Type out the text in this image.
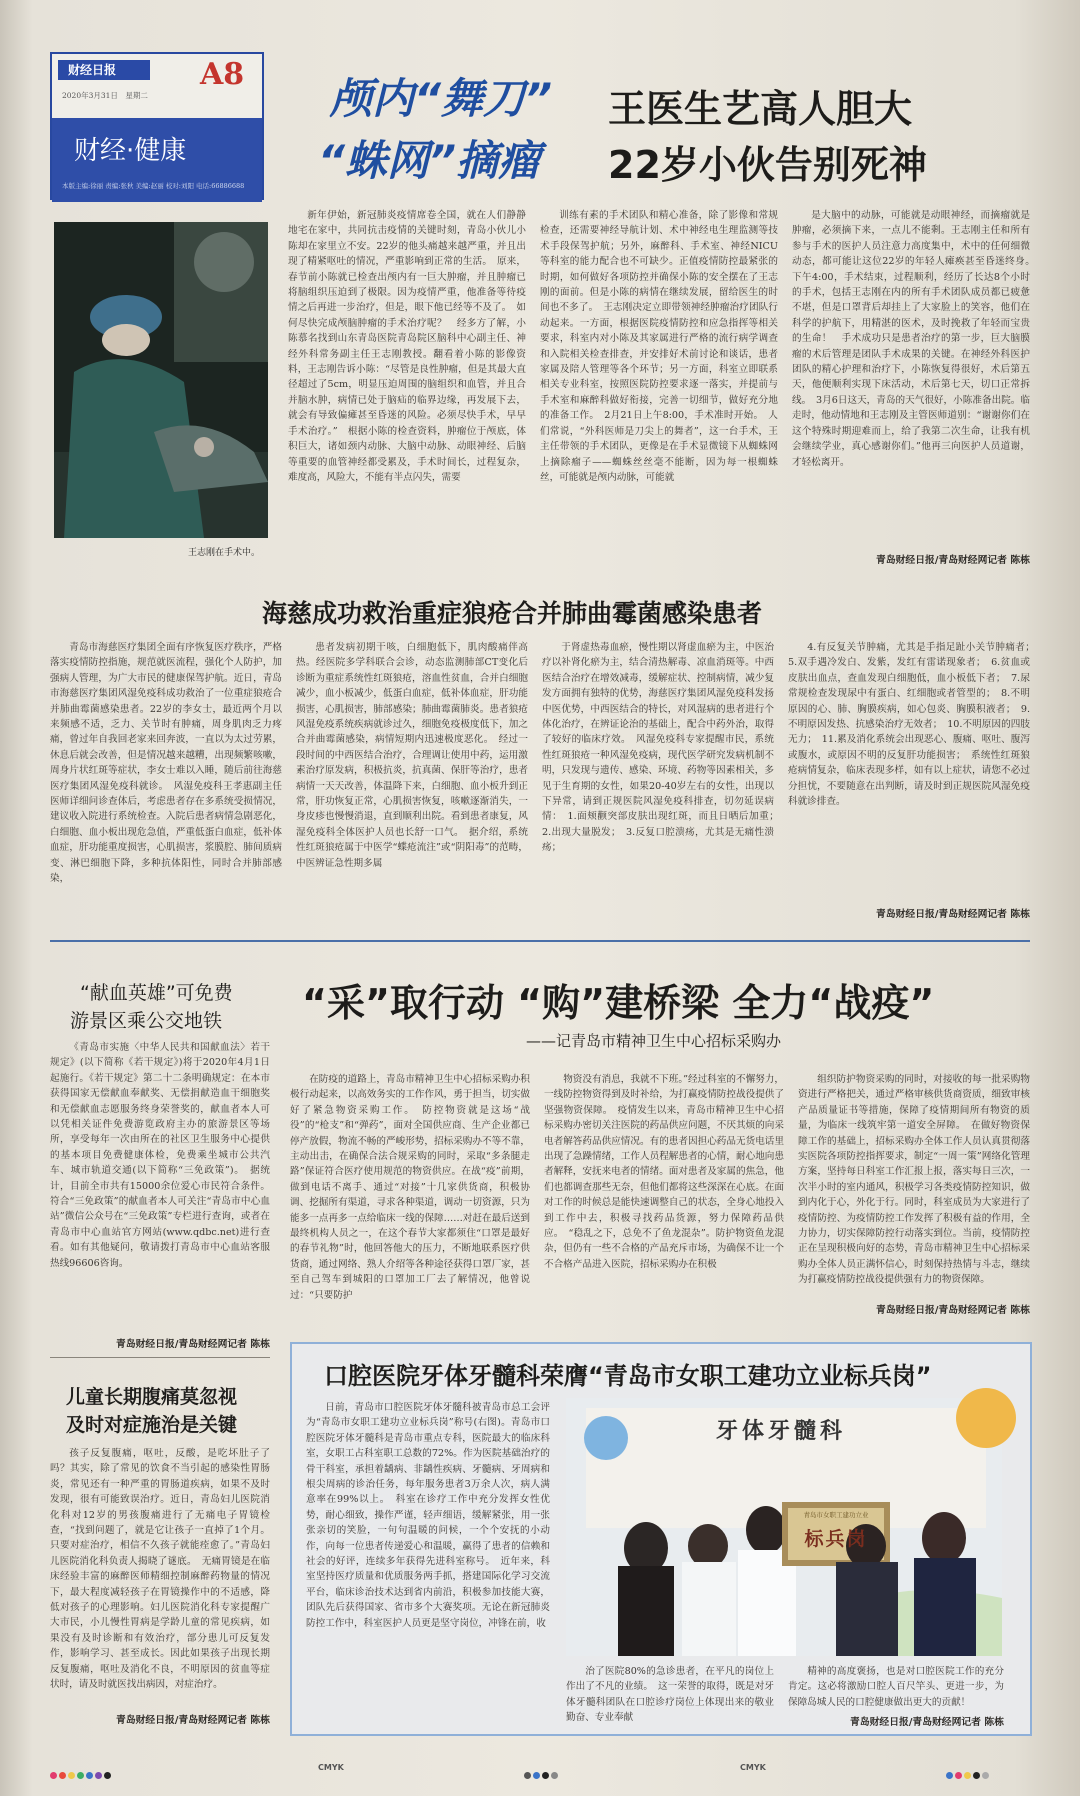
财经日报	A8
2020年3月31日　星期二
财经·健康
本版主编:徐丽 责编:张秋 美编:赵丽 校对:刘阳 电话:66886688
颅内“舞刀”
“蛛网”摘瘤
王医生艺高人胆大
22岁小伙告别死神
王志刚在手术中。

新年伊始，新冠肺炎疫情席卷全国，就在人们静静地宅在家中，共同抗击疫情的关键时刻，青岛小伙儿小陈却在家里立不安。22岁的他头痛越来越严重，并且出现了精紧呕吐的情况，严重影响到正常的生活。　原来，春节前小陈就已检查出颅内有一巨大肿瘤，并且肿瘤已将脑组织压迫到了极限。因为疫情严重，他准备等待疫情之后再进一步治疗，但是，眼下他已经等不及了。　如何尽快完成颅脑肿瘤的手术治疗呢？　经多方了解，小陈慕名找到山东青岛医院青岛院区脑科中心副主任、神经外科常务副主任王志刚教授。翻看着小陈的影像资料，王志刚告诉小陈：“尽管是良性肿瘤，但是其最大直径超过了5cm，明显压迫周围的脑组织和血管，并且合并脑水肿，病情已处于脑疝的临界边缘，再发展下去，就会有导致偏瘫甚至昏迷的风险。必须尽快手术，早早手术治疗。”　根据小陈的检查资料，肿瘤位于颅底，体积巨大，诸如颈内动脉、大脑中动脉、动眼神经、后脑等重要的血管神经都受累及，手术时间长，过程复杂，难度高，风险大，不能有半点闪失，需要

训练有素的手术团队和精心准备，除了影像和常规检查，还需要神经导航计划、术中神经电生理监测等技术手段保驾护航；另外，麻醉科、手术室、神经NICU等科室的能力配合也不可缺少。正值疫情防控最紧张的时期，如何做好各项防控并确保小陈的安全摆在了王志刚的面前。但是小陈的病情在继续发展，留给医生的时间也不多了。　王志刚决定立即带领神经肿瘤治疗团队行动起来。一方面，根据医院疫情防控和应急指挥等相关要求，科室内对小陈及其家属进行严格的流行病学调查和入院相关检查排查，并安排好术前讨论和谈话，患者家属及陪人管理等各个环节；另一方面，科室立即联系相关专业科室，按照医院防控要求逐一落实，并提前与手术室和麻醉科做好衔接，完善一切细节，做好充分地的准备工作。　2月21日上午8:00，手术准时开始。　人们常说，“外科医师是刀尖上的舞者”，这一台手术，王主任带领的手术团队，更像是在手术显微镜下从蜘蛛网上摘除瘤子——蜘蛛丝丝毫不能断，因为每一根蜘蛛丝，可能就是颅内动脉，可能就

是大脑中的动脉，可能就是动眼神经，而摘瘤就是肿瘤，必须摘下来，一点儿不能剩。王志刚主任和所有参与手术的医护人员注意力高度集中，术中的任何细微动态，都可能让这位22岁的年轻人瘫痪甚至昏迷终身。　下午4:00，手术结束，过程顺利，经历了长达8个小时的手术，包括王志刚在内的所有手术团队成员都已疲惫不堪，但是口罩背后却挂上了大家脸上的笑容，他们在科学的护航下，用精湛的医术，及时挽救了年轻而宝贵的生命！　手术成功只是患者治疗的第一步，巨大脑膜瘤的术后管理是团队手术成果的关键。在神经外科医护团队的精心护理和治疗下，小陈恢复得很好，术后第五天，他便顺利实现下床活动，术后第七天，切口正常拆线。　3月6日这天，青岛的天气很好，小陈准备出院。临走时，他动情地和王志刚及主管医师道别：“谢谢你们在这个特殊时期迎难而上，给了我第二次生命，让我有机会继续学业，真心感谢你们。”他再三向医护人员道谢，才轻松离开。

青岛财经日报/青岛财经网记者 陈栋
海慈成功救治重症狼疮合并肺曲霉菌感染患者

青岛市海慈医疗集团全面有序恢复医疗秩序，严格落实疫情防控指施，规范就医流程，强化个人防护，加强病人管理，为广大市民的健康保驾护航。近日，青岛市海慈医疗集团风湿免疫科成功救治了一位重症狼疮合并肺曲霉菌感染患者。22岁的李女士，最近两个月以来频感不适，乏力、关节时有肿痛，周身肌肉乏力疼痛，曾过年自我回老家来回奔波，一直以为太过劳累，休息后就会改善，但是情况越来越糟，出现频繁咳嗽，周身片状红斑等症状，李女士难以入睡，随后前往海慈医疗集团风湿免疫科就诊。　风湿免疫科王孝惠副主任医师详细问诊查体后，考虑患者存在多系统受损情况，建议收入院进行系统检查。入院后患者病情急剧恶化，白细胞、血小板出现危急值，严重低蛋白血症，低补体血症，肝功能重度损害，心肌损害，浆膜腔、肺间质病变、淋巴细胞下降，多种抗体阳性，同时合并肺部感染，

患者发病初期干咳，白细胞低下，肌肉酸痛伴高热。经医院多学科联合会诊，动态监测肺部CT变化后诊断为重症系统性红斑狼疮，溶血性贫血，合并白细胞减少，血小板减少，低蛋白血症，低补体血症，肝功能损害，心肌损害，肺部感染；肺曲霉菌肺炎。患者狼疮风湿免疫系统疾病就诊过久，细胞免疫极度低下，加之合并曲霉菌感染，病情短期内迅速极度恶化。　经过一段时间的中西医结合治疗，合理调让使用中药，运用激素治疗原发病，积极抗炎，抗真菌、保肝等治疗，患者病情一天天改善，体温降下来，白细胞、血小板升到正常，肝功恢复正常，心肌损害恢复，咳嗽逐渐消失，一身皮疹也慢慢消退，直到顺利出院。看到患者康复，风湿免疫科全体医护人员也长舒一口气。　据介绍，系统性红斑狼疮属于中医学“蝶疮流注”或“阴阳毒”的范畴，中医辨证急性期多属

于肾虚热毒血瘀，慢性期以肾虚血瘀为主，中医治疗以补肾化瘀为主，结合清热解毒、凉血消斑等。中西医结合治疗在增效减毒，缓解症状、控制病情，减少复发方面拥有独特的优势，海慈医疗集团风湿免疫科发扬中医优势，中西医结合的特长，对风湿病的患者进行个体化治疗，在辨证论治的基础上，配合中药外治，取得了较好的临床疗效。　风湿免疫科专家提醒市民，系统性红斑狼疮一种风湿免疫病，现代医学研究发病机制不明，只发现与遗传、感染、环境、药物等因素相关，多见于生育期的女性，如果20-40岁左右的女性，出现以下异常，请到正规医院风湿免疫科排查，切勿延误病情：　1.面颊颧突部皮肤出现红斑，而且日晒后加重；　2.出现大量脱发；　3.反复口腔溃疡，尤其是无痛性溃疡；

4.有反复关节肿痛，尤其是手指足趾小关节肿痛者；　5.双手遇冷发白、发紫，发红有雷诺现象者；　6.贫血或皮肤出血点，查血发现白细胞低，血小板低下者；　7.尿常规检查发现尿中有蛋白、红细胞或者管型的；　8.不明原因的心、肺、胸膜疾病，如心包炎、胸膜积液者；　9.不明原因发热、抗感染治疗无效者；　10.不明原因的四肢无力；　11.累及消化系统会出现恶心、腹痛、呕吐、腹泻或腹水，或原因不明的反复肝功能损害；　系统性红斑狼疮病情复杂，临床表现多样，如有以上症状，请您不必过分担忧，不要随意在出判断，请及时到正规医院风湿免疫科就诊排查。

青岛财经日报/青岛财经网记者 陈栋
“献血英雄”可免费
游景区乘公交地铁

《青岛市实施〈中华人民共和国献血法〉若干规定》(以下简称《若干规定》)将于2020年4月1日起施行。《若干规定》第二十二条明确规定：在本市获得国家无偿献血奉献奖、无偿捐献造血干细胞奖和无偿献血志愿服务终身荣誉奖的，献血者本人可以凭相关证件免费游览政府主办的旅游景区等场所，享受每年一次由所在的社区卫生服务中心提供的基本项目免费健康体检，免费乘坐城市公共汽车、城市轨道交通(以下简称“三免政策”)。　据统计，目前全市共有15000余位爱心市民符合条件。符合“三免政策”的献血者本人可关注“青岛市中心血站”微信公众号在“三免政策”专栏进行查询，或者在青岛市中心血站官方网站(www.qdbc.net)进行查看。如有其他疑问，敬请拨打青岛市中心血站客服热线96606咨询。

青岛财经日报/青岛财经网记者 陈栋
儿童长期腹痛莫忽视
及时对症施治是关键

孩子反复腹痛，呕吐，反酸，是吃坏肚子了吗？其实，除了常见的饮食不当引起的感染性胃肠炎，常见还有一种严重的胃肠道疾病，如果不及时发现，很有可能致误治疗。近日，青岛妇儿医院消化科对12岁的男孩腹痛进行了无痛电子胃镜检查，“找到问题了，就是它让孩子一直掉了1个月。只要对症治疗，相信不久孩子就能痊愈了。”青岛妇儿医院消化科负责人揭晓了谜底。　无痛胃镜是在临床经验丰富的麻醉医师精细控制麻醉药物量的情况下，最大程度减轻孩子在胃镜操作中的不适感，降低对孩子的心理影响。妇儿医院消化科专家提醒广大市民，小儿慢性胃病是学龄儿童的常见疾病，如果没有及时诊断和有效治疗，部分患儿可反复发作，影响学习、甚至成长。因此如果孩子出现长期反复腹痛，呕吐及消化不良，不明原因的贫血等症状时，请及时就医找出病因，对症治疗。

青岛财经日报/青岛财经网记者 陈栋
“采”取行动 “购”建桥梁 全力“战疫”
——记青岛市精神卫生中心招标采购办

在防疫的道路上，青岛市精神卫生中心招标采购办积极行动起来，以高效务实的工作作风，勇于担当，切实做好了紧急物资采购工作。　防控物资就是这场“战役”的“枪支”和“弹药”，面对全国供应商、生产企业都已停产放假，物流不畅的严峻形势，招标采购办不等不靠，主动出击，在确保合法合规采购的同时，采取“多条腿走路”保证符合医疗使用规范的物资供应。在战“疫”前期，做到电话不离手、通过“对接”十几家供货商，积极协调、挖掘所有渠道，寻求各种渠道，调动一切资源，只为能多一点再多一点给临床一线的保障……对赶在最后送到最终机构人员之一，在这个春节大家都须住“口罩是最好的春节礼物”时，他回答他大的压力，不断地联系医疗供货商，通过网络、熟人介绍等各种途径获得口罩厂家，甚至自己驾车到城阳的口罩加工厂去了解情况，他曾说过：“只要防护

物资没有消息，我就不下班。”经过科室的不懈努力，一线防控物资得到及时补给，为打赢疫情防控战役提供了坚强物资保障。　疫情发生以来，青岛市精神卫生中心招标采购办密切关注医院的药品供应问题，不厌其烦的向采电者解答药品供应情况。有的患者因担心药品无货电话里出现了急躁情绪，工作人员程解患者的心情，耐心地向患者解释，安抚来电者的情绪。面对患者及家属的焦急，他们也都调查那些无奈，但他们都将这些深深在心底。在面对工作的时候总是能快速调整自己的状态，全身心地投入到工作中去，积极寻找药品货源，努力保障药品供应。　“稳乱之下，总免不了鱼龙混杂”。防护物资鱼龙混杂，但仍有一些不合格的产品充斥市场，为确保不让一个不合格产品进入医院，招标采购办在积极

组织防护物资采购的同时，对接收的每一批采购物资进行严格把关，通过严格审核供货商资质，细致审核产品质量证书等措施，保障了疫情期间所有物资的质量，为临床一线筑牢第一道安全屏障。　在做好物资保障工作的基础上，招标采购办全体工作人员认真贯彻落实医院各项防控指挥要求，制定“一周一策”网络化管理方案，坚持每日科室工作汇报上报，落实每日三次，一次半小时的室内通风，积极学习各类疫情防控知识，做到内化于心，外化于行。同时，科室成员为大家进行了疫情防控、为疫情防控工作发挥了积极有益的作用，全力协力，切实保障防控行动落实到位。当前，疫情防控正在呈现积极向好的态势，青岛市精神卫生中心招标采购办全体人员正满怀信心，时刻保持热情与斗志，继续为打赢疫情防控战役提供强有力的物资保障。

青岛财经日报/青岛财经网记者 陈栋
口腔医院牙体牙髓科荣膺“青岛市女职工建功立业标兵岗”

日前，青岛市口腔医院牙体牙髓科被青岛市总工会评为“青岛市女职工建功立业标兵岗”称号(右图)。青岛市口腔医院牙体牙髓科是青岛市重点专科，医院最大的临床科室，女职工占科室职工总数的72%。作为医院基础治疗的骨干科室，承担着龋病、非龋性疾病、牙髓病、牙周病和根尖周病的诊治任务，每年服务患者3万余人次，病人满意率在99%以上。　科室在诊疗工作中充分发挥女性优势，耐心细致，操作严谨，轻声细语，缓解紧张，用一张张亲切的笑脸，一句句温暖的问候，一个个安抚的小动作，向每一位患者传递爱心和温暖，赢得了患者的信赖和社会的好评，连续多年获得先进科室称号。　近年来，科室坚持医疗质量和优质服务两手抓，搭建国际化学习交流平台，临床诊治技术达到省内前沿，积极参加技能大赛，团队先后获得国家、省市多个大赛奖项。无论在新冠肺炎防控工作中，科室医护人员更是坚守岗位，冲锋在前，收

牙体牙髓科
青岛市女职工建功立业
标兵岗

治了医院80%的急诊患者，在平凡的岗位上作出了不凡的业绩。　这一荣誉的取得，既是对牙体牙髓科团队在口腔诊疗岗位上体现出来的敬业勤奋、专业奉献

精神的高度褒扬，也是对口腔医院工作的充分肯定。这必将激励口腔人百尺竿头、更进一步，为保障岛城人民的口腔健康做出更大的贡献！

青岛财经日报/青岛财经网记者 陈栋
CMYK	CMYK
